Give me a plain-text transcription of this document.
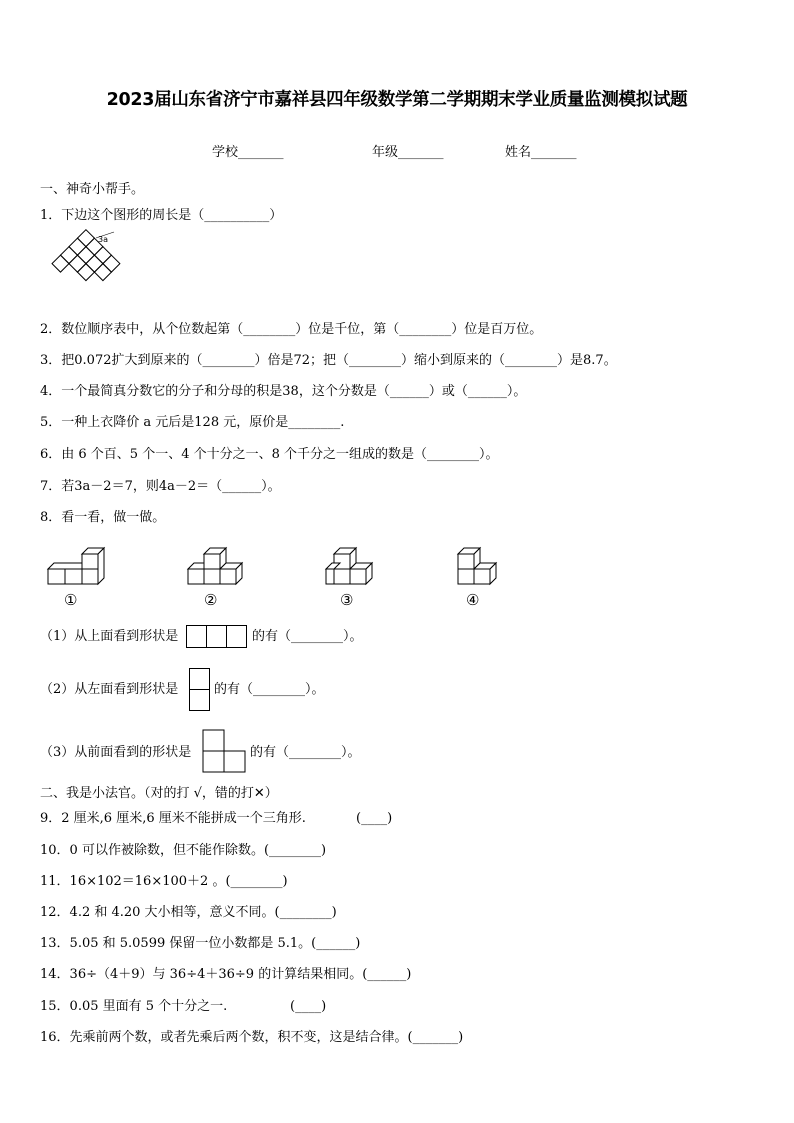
2023届山东省济宁市嘉祥县四年级数学第二学期期末学业质量监测模拟试题
学校_______	年级_______	姓名_______
一、神奇小帮手。
1．下边这个图形的周长是（__________）
3a
2．数位顺序表中，从个位数起第（________）位是千位，第（________）位是百万位。
3．把0.072扩大到原来的（________）倍是72；把（________）缩小到原来的（________）是8.7。
4．一个最简真分数它的分子和分母的积是38，这个分数是（______）或（______）。
5．一种上衣降价 a 元后是128 元，原价是________.
6．由 6 个百、5 个一、4 个十分之一、8 个千分之一组成的数是（________）。
7．若3a－2＝7，则4a－2＝（______）。
8．看一看，做一做。
①	②	③	④
（1）从上面看到形状是	的有（________）。
（2）从左面看到形状是	的有（________）。
（3）从前面看到的形状是	的有（________）。
二、我是小法官。（对的打 √，错的打✕）
9．2 厘米,6 厘米,6 厘米不能拼成一个三角形.	(____)
10．0 可以作被除数，但不能作除数。(________)
11．16×102＝16×100＋2 。(________)
12．4.2 和 4.20 大小相等，意义不同。(________)
13．5.05 和 5.0599 保留一位小数都是 5.1。(______)
14．36÷（4＋9）与 36÷4＋36÷9 的计算结果相同。(______)
15．0.05 里面有 5 个十分之一.	(____)
16．先乘前两个数，或者先乘后两个数，积不变，这是结合律。(_______)
